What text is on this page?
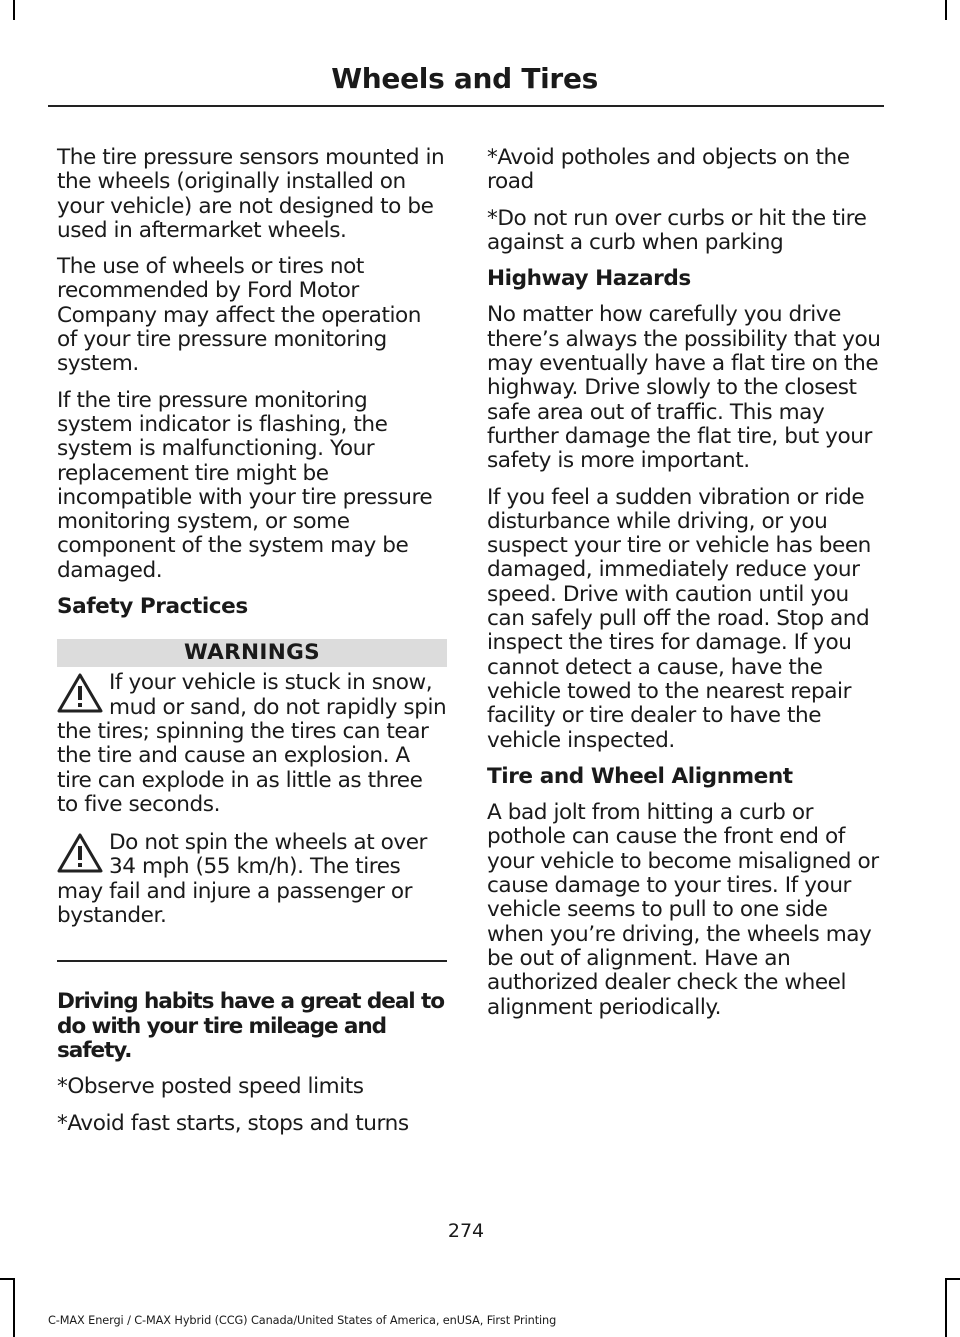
Wheels and Tires

The tire pressure sensors mounted in the wheels (originally installed on your vehicle) are not designed to be used in aftermarket wheels.

The use of wheels or tires not recommended by Ford Motor Company may affect the operation of your tire pressure monitoring system.

If the tire pressure monitoring system indicator is flashing, the system is malfunctioning. Your replacement tire might be incompatible with your tire pressure monitoring system, or some component of the system may be damaged.

Safety Practices
WARNINGS
If your vehicle is stuck in snow, mud or sand, do not rapidly spin the tires; spinning the tires can tear the tire and cause an explosion. A tire can explode in as little as three to five seconds.
Do not spin the wheels at over 34 mph (55 km/h). The tires may fail and injure a passenger or bystander.
Driving habits have a great deal to do with your tire mileage and safety.

*Observe posted speed limits

*Avoid fast starts, stops and turns

*Avoid potholes and objects on the road

*Do not run over curbs or hit the tire against a curb when parking

Highway Hazards

No matter how carefully you drive there’s always the possibility that you may eventually have a flat tire on the highway. Drive slowly to the closest safe area out of traffic. This may further damage the flat tire, but your safety is more important.

If you feel a sudden vibration or ride disturbance while driving, or you suspect your tire or vehicle has been damaged, immediately reduce your speed. Drive with caution until you can safely pull off the road. Stop and inspect the tires for damage. If you cannot detect a cause, have the vehicle towed to the nearest repair facility or tire dealer to have the vehicle inspected.

Tire and Wheel Alignment

A bad jolt from hitting a curb or pothole can cause the front end of your vehicle to become misaligned or cause damage to your tires. If your vehicle seems to pull to one side when you’re driving, the wheels may be out of alignment. Have an authorized dealer check the wheel alignment periodically.

274
C-MAX Energi / C-MAX Hybrid (CCG) Canada/United States of America, enUSA, First Printing
